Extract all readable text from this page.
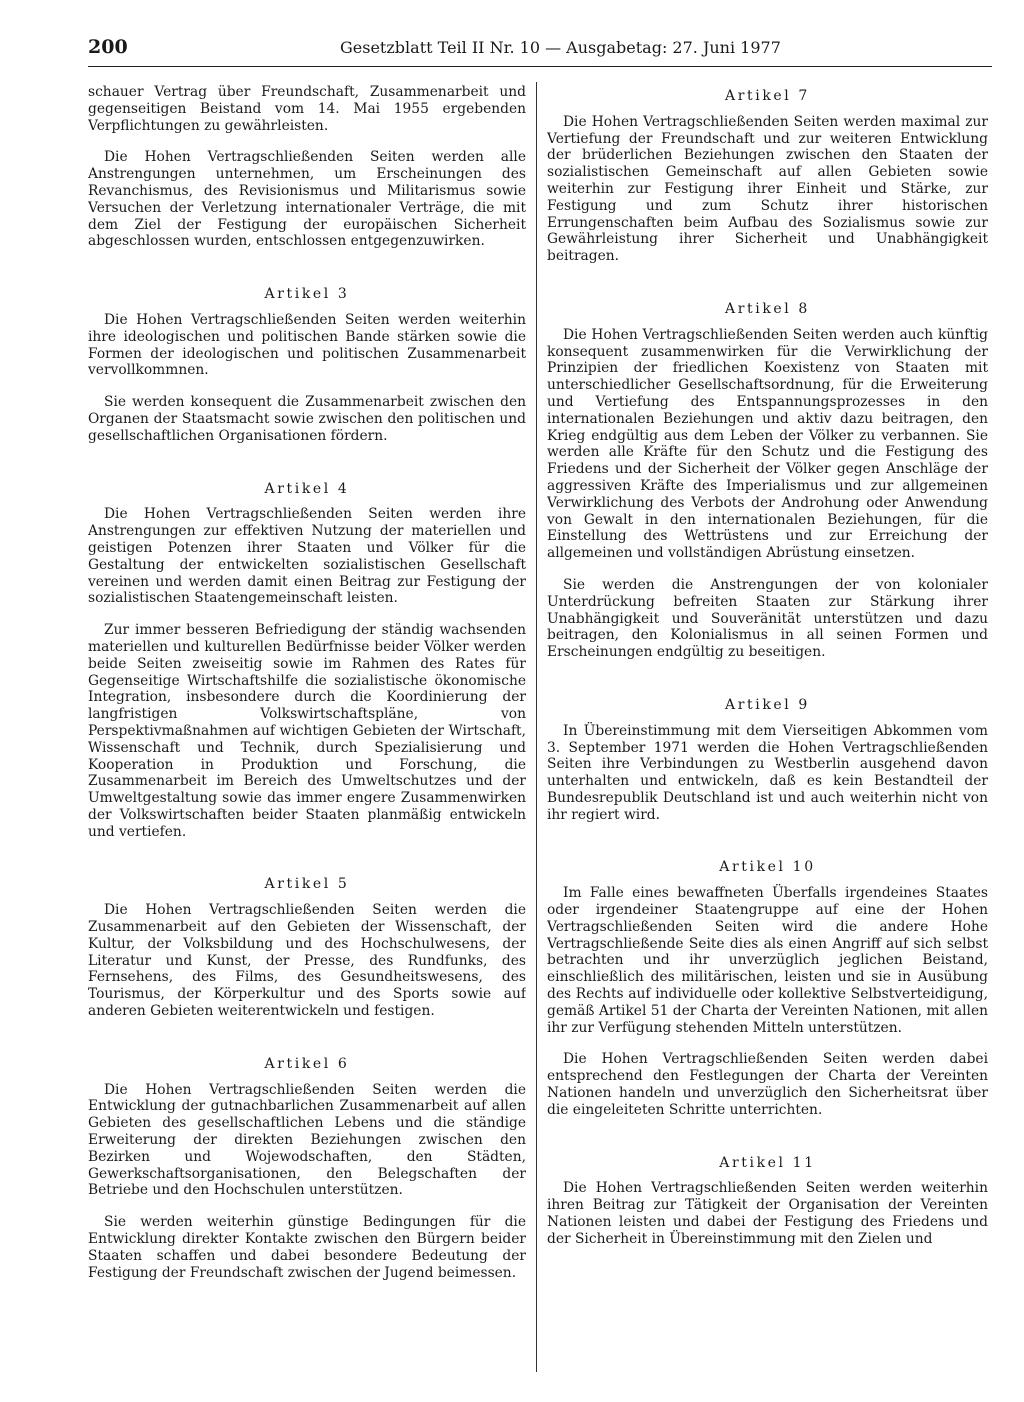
200	Gesetzblatt Teil II Nr. 10 — Ausgabetag: 27. Juni 1977

schauer Vertrag über Freundschaft, Zusammenarbeit und gegenseitigen Beistand vom 14. Mai 1955 ergebenden Verpflichtungen zu gewährleisten.

Die Hohen Vertragschließenden Seiten werden alle Anstrengungen unternehmen, um Erscheinungen des Revanchismus, des Revisionismus und Militarismus sowie Versuchen der Verletzung internationaler Verträge, die mit dem Ziel der Festigung der europäischen Sicherheit abgeschlossen wurden, entschlossen entgegenzuwirken.

Artikel 3

Die Hohen Vertragschließenden Seiten werden weiterhin ihre ideologischen und politischen Bande stärken sowie die Formen der ideologischen und politischen Zusammenarbeit vervollkommnen.

Sie werden konsequent die Zusammenarbeit zwischen den Organen der Staatsmacht sowie zwischen den politischen und gesellschaftlichen Organisationen fördern.

Artikel 4

Die Hohen Vertragschließenden Seiten werden ihre Anstrengungen zur effektiven Nutzung der materiellen und geistigen Potenzen ihrer Staaten und Völker für die Gestaltung der entwickelten sozialistischen Gesellschaft vereinen und werden damit einen Beitrag zur Festigung der sozialistischen Staatengemeinschaft leisten.

Zur immer besseren Befriedigung der ständig wachsenden materiellen und kulturellen Bedürfnisse beider Völker werden beide Seiten zweiseitig sowie im Rahmen des Rates für Gegenseitige Wirtschaftshilfe die sozialistische ökonomische Integration, insbesondere durch die Koordinierung der langfristigen Volkswirtschaftspläne, von Perspektivmaßnahmen auf wichtigen Gebieten der Wirtschaft, Wissenschaft und Technik, durch Spezialisierung und Kooperation in Produktion und Forschung, die Zusammenarbeit im Bereich des Umweltschutzes und der Umweltgestaltung sowie das immer engere Zusammenwirken der Volkswirtschaften beider Staaten planmäßig entwickeln und vertiefen.

Artikel 5

Die Hohen Vertragschließenden Seiten werden die Zusammenarbeit auf den Gebieten der Wissenschaft, der Kultur, der Volksbildung und des Hochschulwesens, der Literatur und Kunst, der Presse, des Rundfunks, des Fernsehens, des Films, des Gesundheitswesens, des Tourismus, der Körperkultur und des Sports sowie auf anderen Gebieten weiterentwickeln und festigen.

Artikel 6

Die Hohen Vertragschließenden Seiten werden die Entwicklung der gutnachbarlichen Zusammenarbeit auf allen Gebieten des gesellschaftlichen Lebens und die ständige Erweiterung der direkten Beziehungen zwischen den Bezirken und Wojewodschaften, den Städten, Gewerkschaftsorganisationen, den Belegschaften der Betriebe und den Hochschulen unterstützen.

Sie werden weiterhin günstige Bedingungen für die Entwicklung direkter Kontakte zwischen den Bürgern beider Staaten schaffen und dabei besondere Bedeutung der Festigung der Freundschaft zwischen der Jugend beimessen.

Artikel 7

Die Hohen Vertragschließenden Seiten werden maximal zur Vertiefung der Freundschaft und zur weiteren Entwicklung der brüderlichen Beziehungen zwischen den Staaten der sozialistischen Gemeinschaft auf allen Gebieten sowie weiterhin zur Festigung ihrer Einheit und Stärke, zur Festigung und zum Schutz ihrer historischen Errungenschaften beim Aufbau des Sozialismus sowie zur Gewährleistung ihrer Sicherheit und Unabhängigkeit beitragen.

Artikel 8

Die Hohen Vertragschließenden Seiten werden auch künftig konsequent zusammenwirken für die Verwirklichung der Prinzipien der friedlichen Koexistenz von Staaten mit unterschiedlicher Gesellschaftsordnung, für die Erweiterung und Vertiefung des Entspannungsprozesses in den internationalen Beziehungen und aktiv dazu beitragen, den Krieg endgültig aus dem Leben der Völker zu verbannen. Sie werden alle Kräfte für den Schutz und die Festigung des Friedens und der Sicherheit der Völker gegen Anschläge der aggressiven Kräfte des Imperialismus und zur allgemeinen Verwirklichung des Verbots der Androhung oder Anwendung von Gewalt in den internationalen Beziehungen, für die Einstellung des Wettrüstens und zur Erreichung der allgemeinen und vollständigen Abrüstung einsetzen.

Sie werden die Anstrengungen der von kolonialer Unterdrückung befreiten Staaten zur Stärkung ihrer Unabhängigkeit und Souveränität unterstützen und dazu beitragen, den Kolonialismus in all seinen Formen und Erscheinungen endgültig zu beseitigen.

Artikel 9

In Übereinstimmung mit dem Vierseitigen Abkommen vom 3. September 1971 werden die Hohen Vertragschließenden Seiten ihre Verbindungen zu Westberlin ausgehend davon unterhalten und entwickeln, daß es kein Bestandteil der Bundesrepublik Deutschland ist und auch weiterhin nicht von ihr regiert wird.

Artikel 10

Im Falle eines bewaffneten Überfalls irgendeines Staates oder irgendeiner Staatengruppe auf eine der Hohen Vertragschließenden Seiten wird die andere Hohe Vertragschließende Seite dies als einen Angriff auf sich selbst betrachten und ihr unverzüglich jeglichen Beistand, einschließlich des militärischen, leisten und sie in Ausübung des Rechts auf individuelle oder kollektive Selbstverteidigung, gemäß Artikel 51 der Charta der Vereinten Nationen, mit allen ihr zur Verfügung stehenden Mitteln unterstützen.

Die Hohen Vertragschließenden Seiten werden dabei entsprechend den Festlegungen der Charta der Vereinten Nationen handeln und unverzüglich den Sicherheitsrat über die eingeleiteten Schritte unterrichten.

Artikel 11

Die Hohen Vertragschließenden Seiten werden weiterhin ihren Beitrag zur Tätigkeit der Organisation der Vereinten Nationen leisten und dabei der Festigung des Friedens und der Sicherheit in Übereinstimmung mit den Zielen und
